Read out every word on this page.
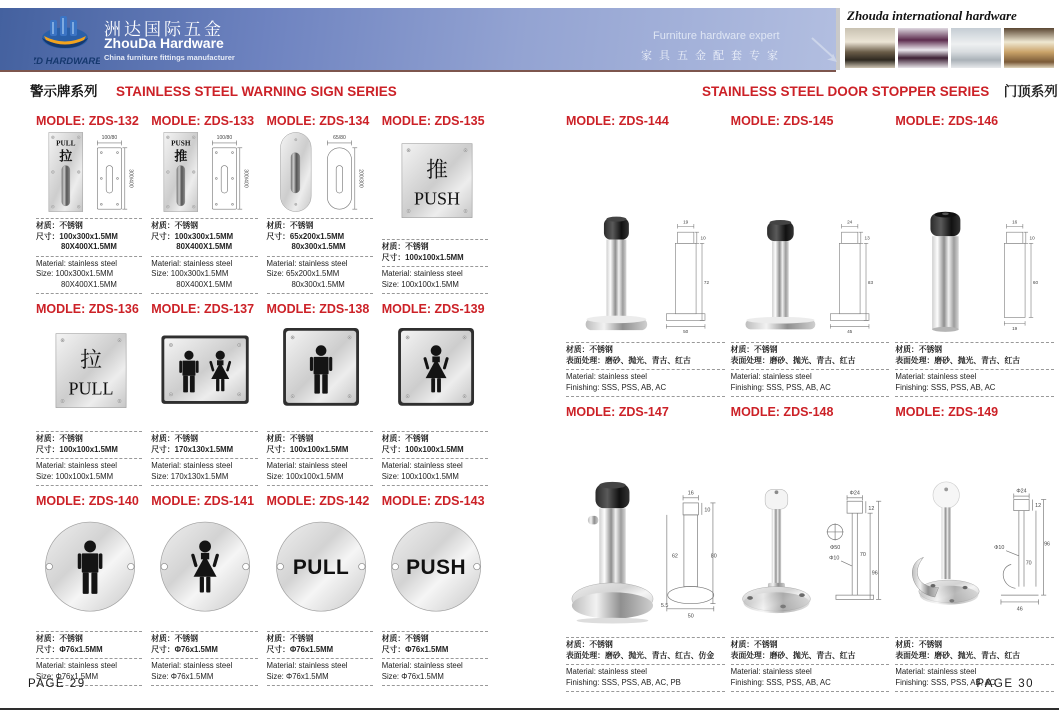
ZD HARDWARE
洲达国际五金
ZhouDa Hardware
China furniture fittings manufacturer
Furniture hardware expert
家具五金配套专家
Zhouda international hardware
警示牌系列 STAINLESS STEEL WARNING SIGN SERIES	STAINLESS STEEL DOOR STOPPER SERIES 门顶系列
MODLE: ZDS-132
PULL
拉
100/80
300/400
材质：不锈钢
尺寸：100x300x1.5MM
80X400X1.5MM
Material: stainless steel
Size: 100x300x1.5MM
80X400X1.5MM
MODLE: ZDS-133
PUSH
推
100/80
300/400
材质：不锈钢
尺寸：100x300x1.5MM
80X400X1.5MM
Material: stainless steel
Size: 100x300x1.5MM
80X400X1.5MM
MODLE: ZDS-134
65/80
200/300
材质：不锈钢
尺寸：65x200x1.5MM
80x300x1.5MM
Material: stainless steel
Size: 65x200x1.5MM
80x300x1.5MM
MODLE: ZDS-135
推
PUSH
材质：不锈钢
尺寸：100x100x1.5MM
Material: stainless steel
Size: 100x100x1.5MM
MODLE: ZDS-136
拉
PULL
材质：不锈钢
尺寸：100x100x1.5MM
Material: stainless steel
Size: 100x100x1.5MM
MODLE: ZDS-137
材质：不锈钢
尺寸：170x130x1.5MM
Material: stainless steel
Size: 170x130x1.5MM
MODLE: ZDS-138
材质：不锈钢
尺寸：100x100x1.5MM
Material: stainless steel
Size: 100x100x1.5MM
MODLE: ZDS-139
材质：不锈钢
尺寸：100x100x1.5MM
Material: stainless steel
Size: 100x100x1.5MM
MODLE: ZDS-140
材质：不锈钢
尺寸：Φ76x1.5MM
Material: stainless steel
Size: Φ76x1.5MM
MODLE: ZDS-141
材质：不锈钢
尺寸：Φ76x1.5MM
Material: stainless steel
Size: Φ76x1.5MM
MODLE: ZDS-142
PULL
材质：不锈钢
尺寸：Φ76x1.5MM
Material: stainless steel
Size: Φ76x1.5MM
MODLE: ZDS-143
PUSH
材质：不锈钢
尺寸：Φ76x1.5MM
Material: stainless steel
Size: Φ76x1.5MM
MODLE: ZDS-144
19
10
72
50
材质：不锈钢
表面处理：磨砂、抛光、青古、红古
Material: stainless steel
Finishing: SSS, PSS, AB, AC
MODLE: ZDS-145
24
13
83
45
材质：不锈钢
表面处理：磨砂、抛光、青古、红古
Material: stainless steel
Finishing: SSS, PSS, AB, AC
MODLE: ZDS-146
16
10
60
19
材质：不锈钢
表面处理：磨砂、抛光、青古、红古
Material: stainless steel
Finishing: SSS, PSS, AB, AC
MODLE: ZDS-147
16
10
80
62
5.5
50
材质：不锈钢
表面处理：磨砂、抛光、青古、红古、仿金
Material: stainless steel
Finishing: SSS, PSS, AB, AC, PB
MODLE: ZDS-148
Φ24
12
Φ10
70
96
Φ50
材质：不锈钢
表面处理：磨砂、抛光、青古、红古
Material: stainless steel
Finishing: SSS, PSS, AB, AC
MODLE: ZDS-149
Φ24
12
Φ10
96
70
46
材质：不锈钢
表面处理：磨砂、抛光、青古、红古
Material: stainless steel
Finishing: SSS, PSS, AB, AC
PAGE 29	PAGE 30
